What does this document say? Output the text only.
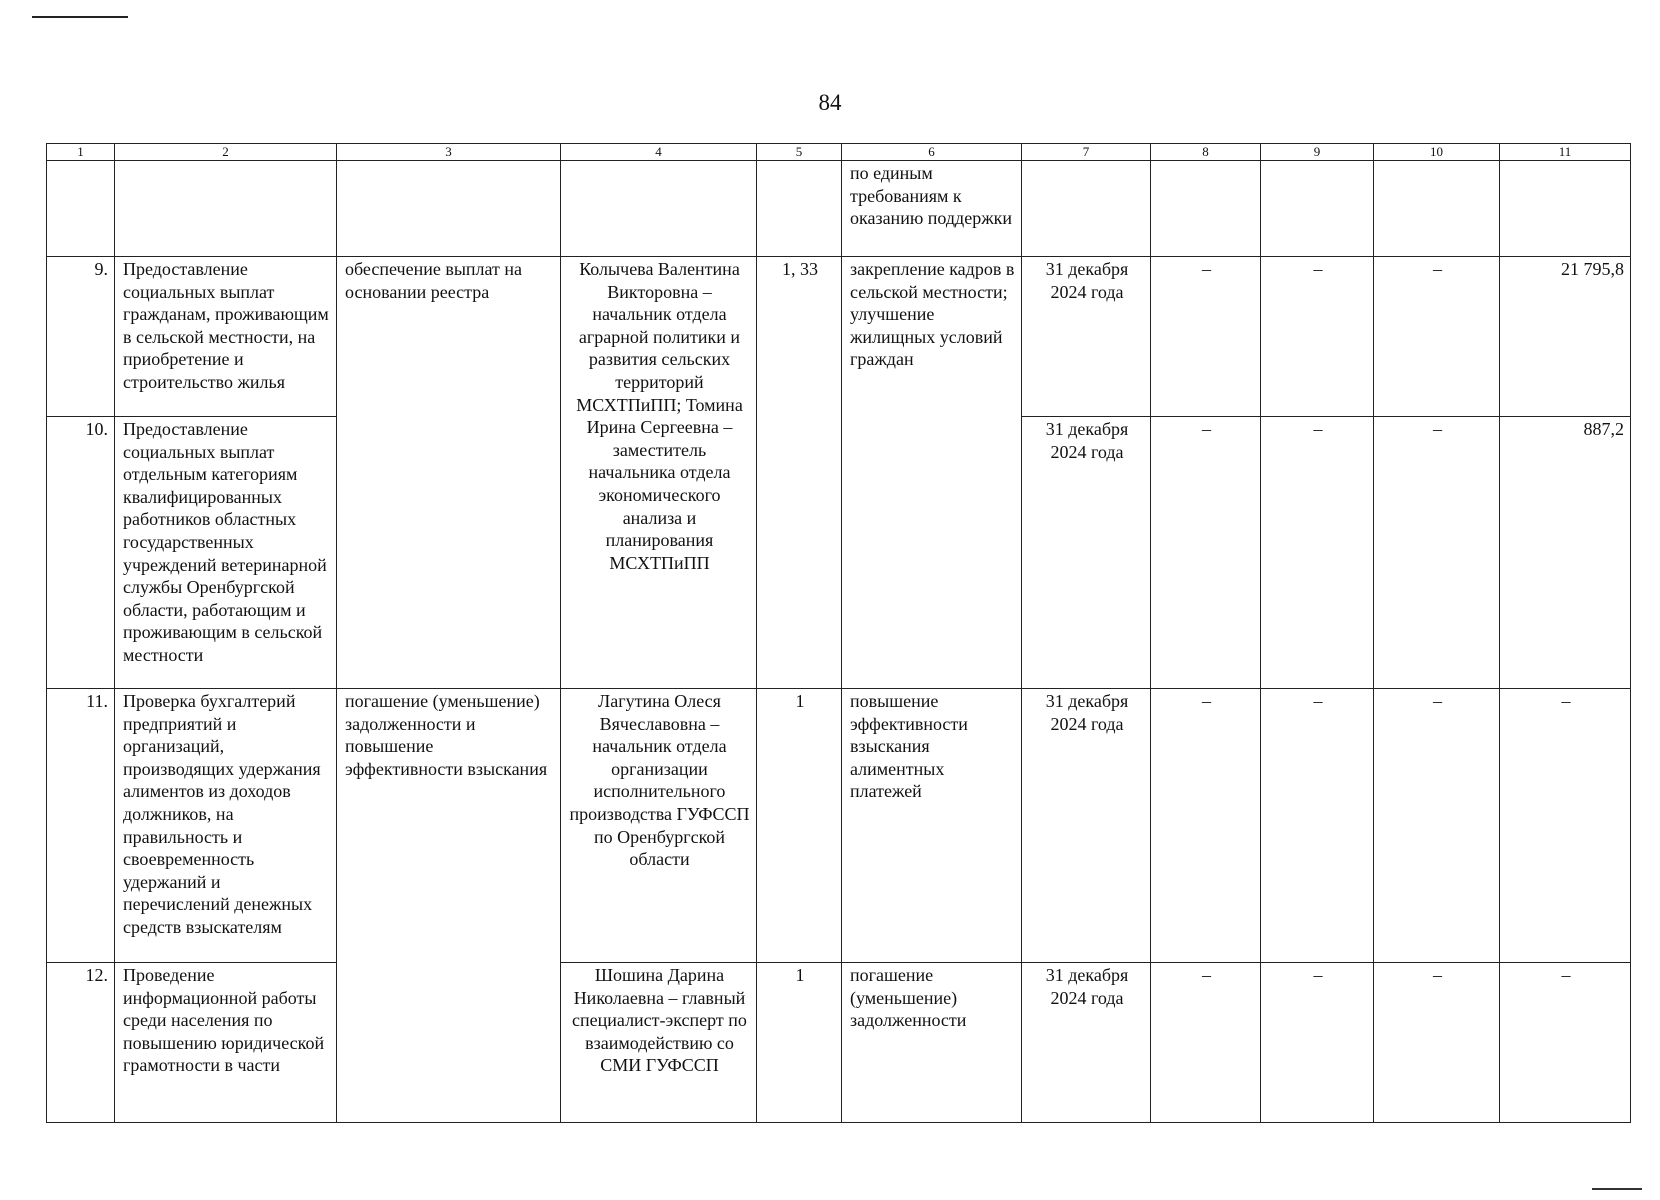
84
1	2	3	4	5	6	7	8	9	10	11
					по единым требованиям к оказанию поддержки					
9.	Предоставление социальных выплат гражданам, проживающим в сельской местности, на приобретение и строительство жилья	обеспечение выплат на основании реестра	Колычева Валентина Викторовна – начальник отдела аграрной политики и развития сельских территорий МСХТПиПП; Томина Ирина Сергеевна – заместитель начальника отдела экономического анализа и планирования МСХТПиПП	1, 33	закрепление кадров в сельской местности; улучшение жилищных условий граждан	31 декабря 2024 года	–	–	–	21 795,8
10.	Предоставление социальных выплат отдельным категориям квалифицированных работников областных государственных учреждений ветеринарной службы Оренбургской области, работающим и проживающим в сельской местности					31 декабря 2024 года	–	–	–	887,2
11.	Проверка бухгалтерий предприятий и организаций, производящих удержания алиментов из доходов должников, на правильность и своевременность удержаний и перечислений денежных средств взыскателям	погашение (уменьшение) задолженности и повышение эффективности взыскания	Лагутина Олеся Вячеславовна – начальник отдела организации исполнительного производства ГУФССП по Оренбургской области	1	повышение эффективности взыскания алиментных платежей	31 декабря 2024 года	–	–	–	–
12.	Проведение информационной работы среди населения по повышению юридической грамотности в части		Шошина Дарина Николаевна – главный специалист-эксперт по взаимодействию со СМИ ГУФССП	1	погашение (уменьшение) задолженности	31 декабря 2024 года	–	–	–	–
